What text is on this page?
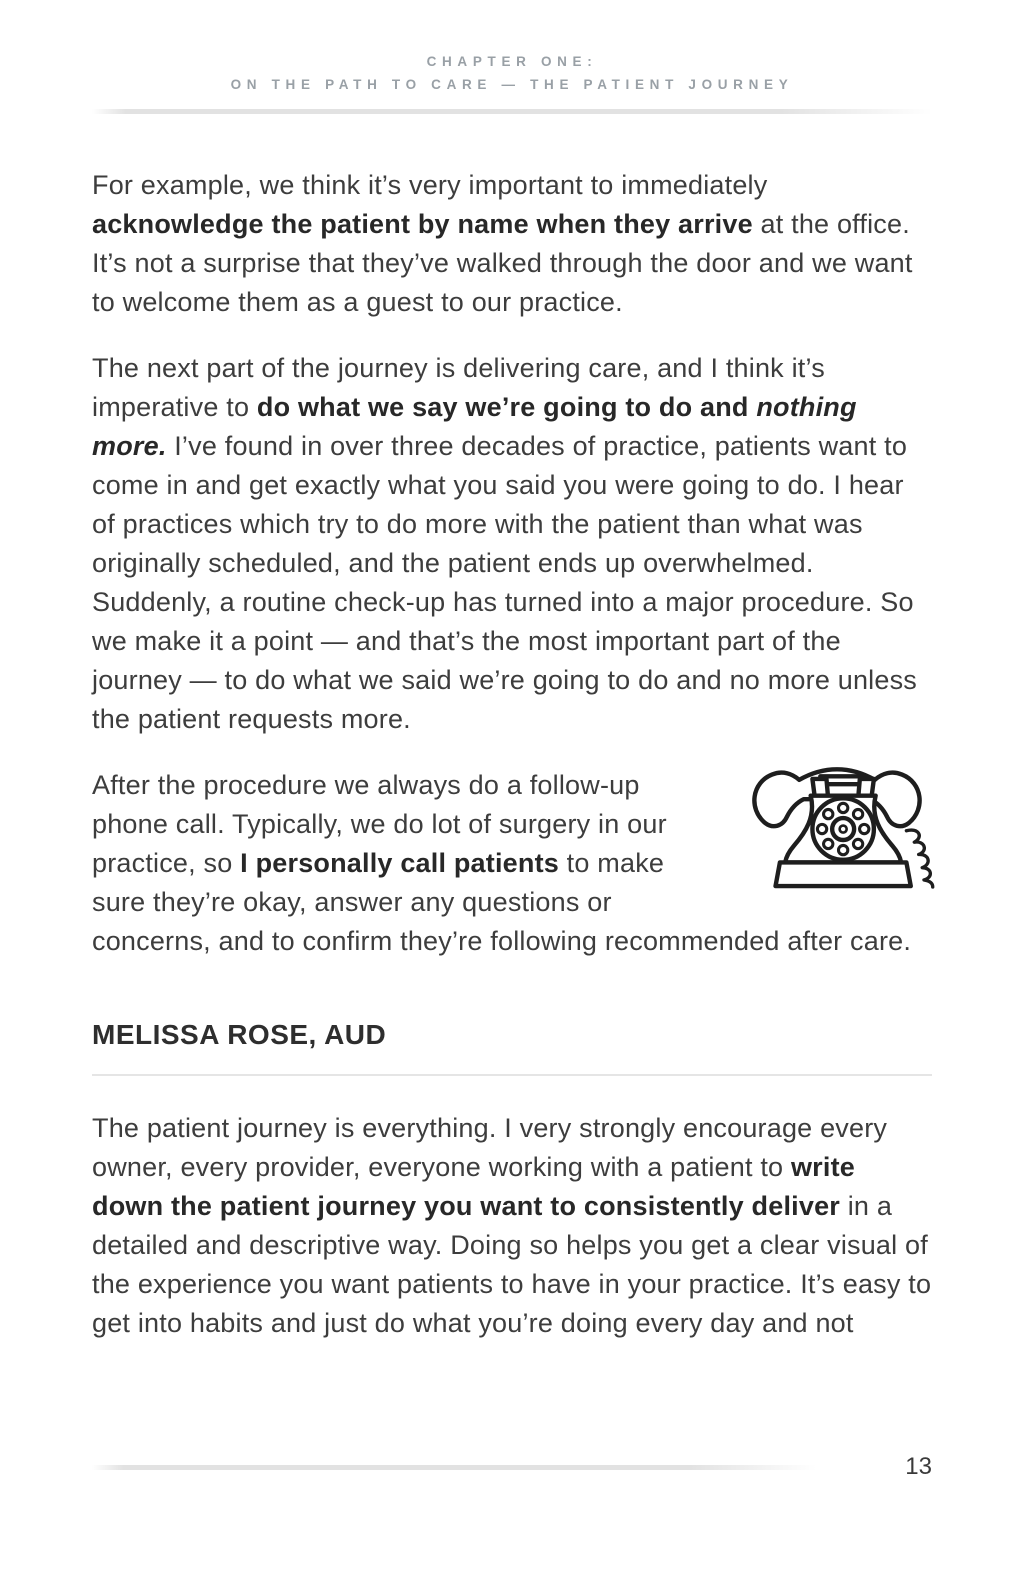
CHAPTER ONE:
ON THE PATH TO CARE — THE PATIENT JOURNEY

For example, we think it’s very important to immediately acknowledge the patient by name when they arrive at the office. It’s not a surprise that they’ve walked through the door and we want to welcome them as a guest to our practice.

The next part of the journey is delivering care, and I think it’s imperative to do what we say we’re going to do and nothing more. I’ve found in over three decades of practice, patients want to come in and get exactly what you said you were going to do. I hear of practices which try to do more with the patient than what was originally scheduled, and the patient ends up overwhelmed. Suddenly, a routine check-up has turned into a major procedure. So we make it a point — and that’s the most important part of the journey — to do what we said we’re going to do and no more unless the patient requests more.

After the procedure we always do a follow-up phone call. Typically, we do lot of surgery in our practice, so I personally call patients to make sure they’re okay, answer any questions or concerns, and to confirm they’re following recommended after care.

MELISSA ROSE, AUD

The patient journey is everything. I very strongly encourage every owner, every provider, everyone working with a patient to write down the patient journey you want to consistently deliver in a detailed and descriptive way. Doing so helps you get a clear visual of the experience you want patients to have in your practice. It’s easy to get into habits and just do what you’re doing every day and not

13
